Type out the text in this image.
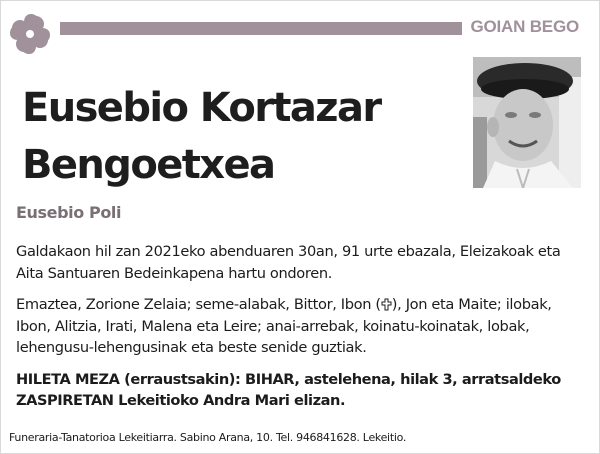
GOIAN BEGO
Eusebio Kortazar
Bengoetxea
Eusebio Poli

Galdakaon hil zan 2021eko abenduaren 30an, 91 urte ebazala, Eleizakoak eta Aita Santuaren Bedeinkapena hartu ondoren.

Emaztea, Zorione Zelaia; seme-alabak, Bittor, Ibon ( ), Jon eta Maite; ilobak, Ibon, Alitzia, Irati, Malena eta Leire; anai-arrebak, koinatu-koinatak, lobak, lehengusu-lehengusinak eta beste senide guztiak.

HILETA MEZA (erraustsakin): BIHAR, astelehena, hilak 3, arratsaldeko ZASPIRETAN Lekeitioko Andra Mari elizan.

Funeraria-Tanatorioa Lekeitiarra. Sabino Arana, 10. Tel. 946841628. Lekeitio.
